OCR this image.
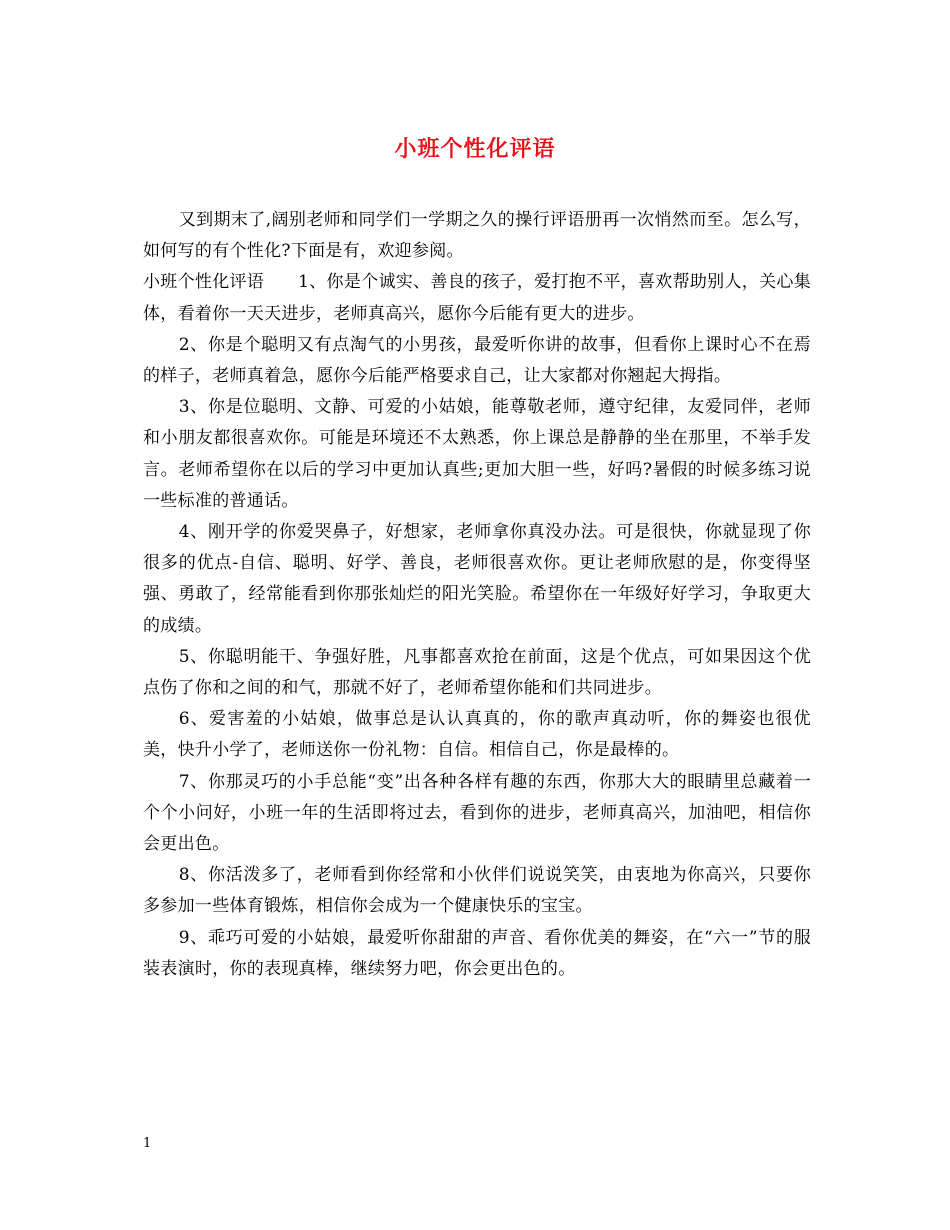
小班个性化评语

又到期末了,阔别老师和同学们一学期之久的操行评语册再一次悄然而至。怎么写，如何写的有个性化?下面是有，欢迎参阅。

小班个性化评语 1、你是个诚实、善良的孩子，爱打抱不平，喜欢帮助别人，关心集体，看着你一天天进步，老师真高兴，愿你今后能有更大的进步。

2、你是个聪明又有点淘气的小男孩，最爱听你讲的故事，但看你上课时心不在焉的样子，老师真着急，愿你今后能严格要求自己，让大家都对你翘起大拇指。

3、你是位聪明、文静、可爱的小姑娘，能尊敬老师，遵守纪律，友爱同伴，老师和小朋友都很喜欢你。可能是环境还不太熟悉，你上课总是静静的坐在那里，不举手发言。老师希望你在以后的学习中更加认真些;更加大胆一些，好吗?暑假的时候多练习说一些标准的普通话。

4、刚开学的你爱哭鼻子，好想家，老师拿你真没办法。可是很快，你就显现了你很多的优点-自信、聪明、好学、善良，老师很喜欢你。更让老师欣慰的是，你变得坚强、勇敢了，经常能看到你那张灿烂的阳光笑脸。希望你在一年级好好学习，争取更大的成绩。

5、你聪明能干、争强好胜，凡事都喜欢抢在前面，这是个优点，可如果因这个优点伤了你和之间的和气，那就不好了，老师希望你能和们共同进步。

6、爱害羞的小姑娘，做事总是认认真真的，你的歌声真动听，你的舞姿也很优美，快升小学了，老师送你一份礼物：自信。相信自己，你是最棒的。

7、你那灵巧的小手总能“变”出各种各样有趣的东西，你那大大的眼睛里总藏着一个个小问好，小班一年的生活即将过去，看到你的进步，老师真高兴，加油吧，相信你会更出色。

8、你活泼多了，老师看到你经常和小伙伴们说说笑笑，由衷地为你高兴，只要你多参加一些体育锻炼，相信你会成为一个健康快乐的宝宝。

9、乖巧可爱的小姑娘，最爱听你甜甜的声音、看你优美的舞姿，在“六一”节的服装表演时，你的表现真棒，继续努力吧，你会更出色的。

1
